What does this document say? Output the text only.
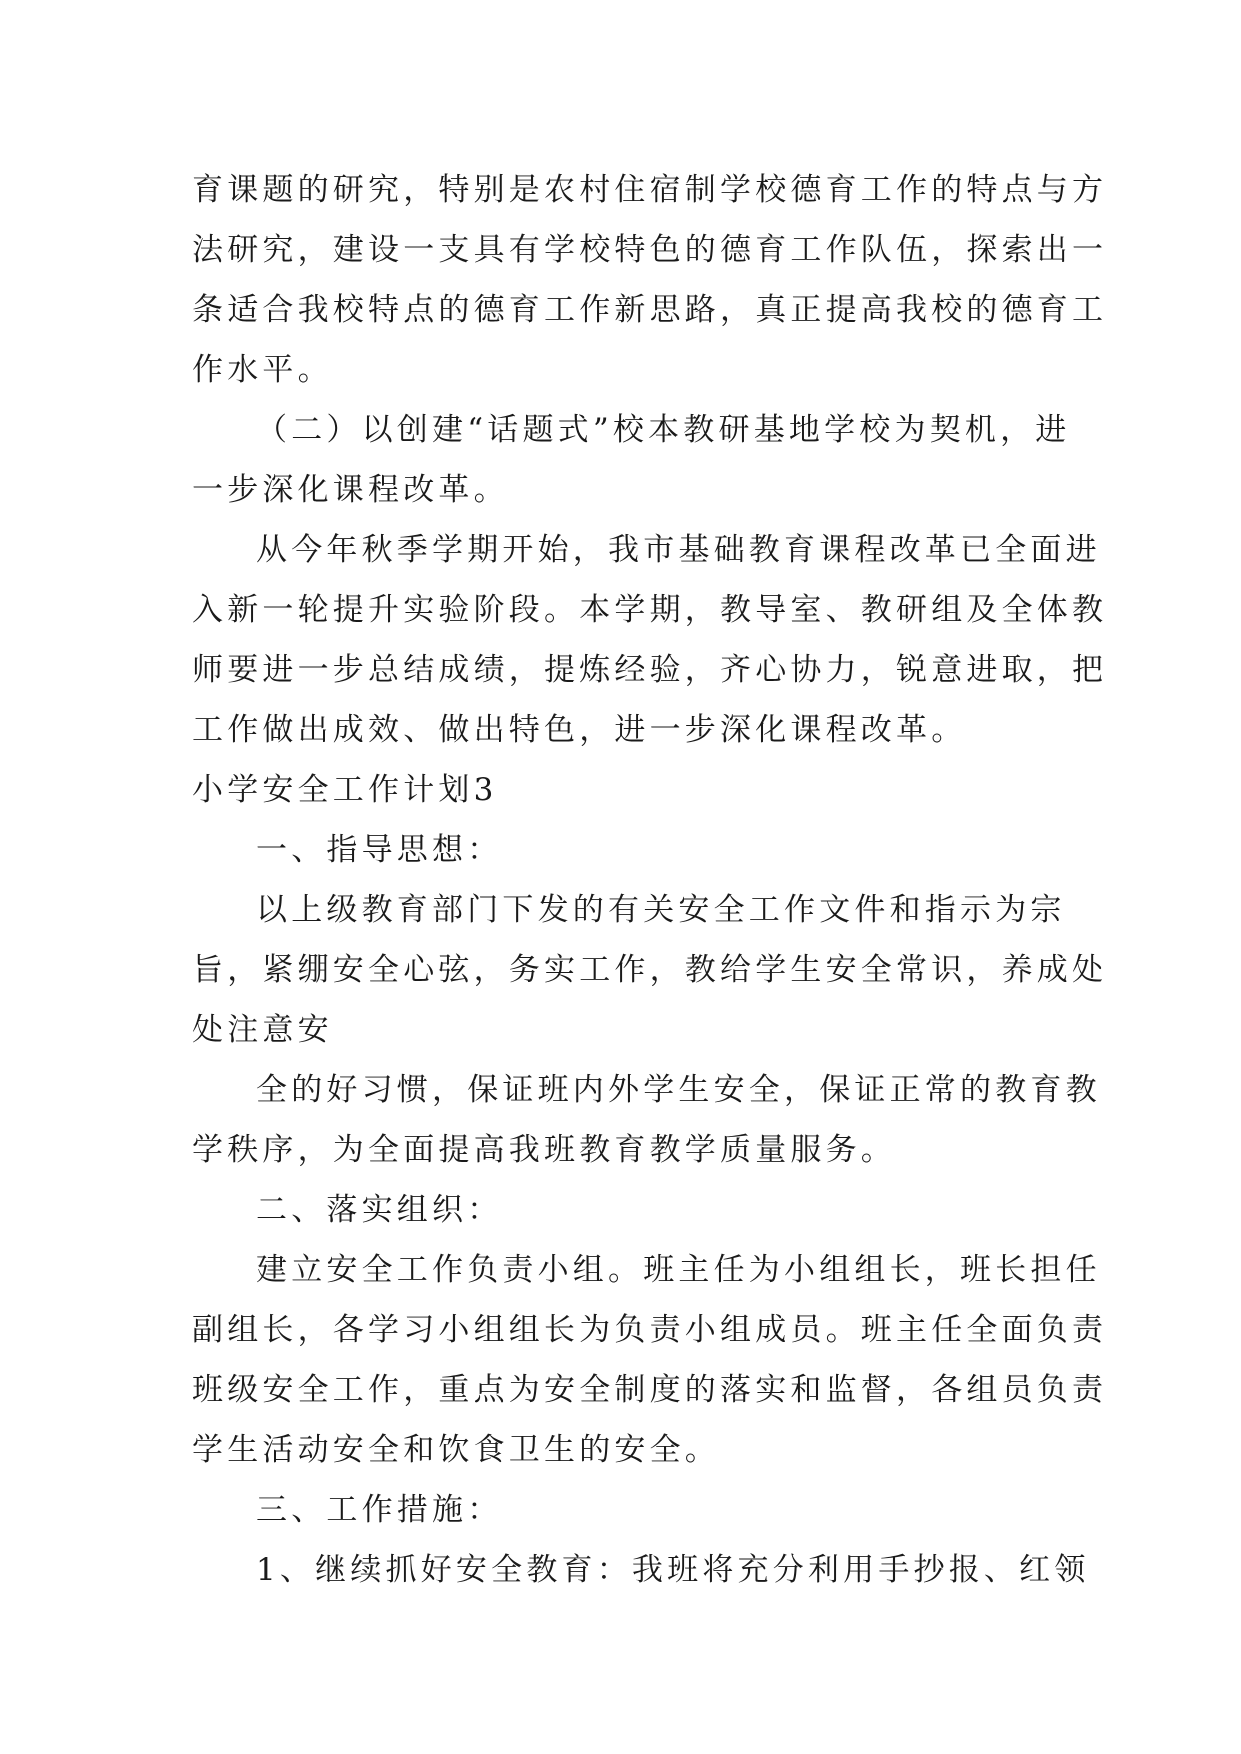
育课题的研究，特别是农村住宿制学校德育工作的特点与方
法研究，建设一支具有学校特色的德育工作队伍，探索出一
条适合我校特点的德育工作新思路，真正提高我校的德育工
作水平。
（二）以创建“话题式”校本教研基地学校为契机，进
一步深化课程改革。
从今年秋季学期开始，我市基础教育课程改革已全面进
入新一轮提升实验阶段。本学期，教导室、教研组及全体教
师要进一步总结成绩，提炼经验，齐心协力，锐意进取，把
工作做出成效、做出特色，进一步深化课程改革。
小学安全工作计划3
一、指导思想：
以上级教育部门下发的有关安全工作文件和指示为宗
旨，紧绷安全心弦，务实工作，教给学生安全常识，养成处
处注意安
全的好习惯，保证班内外学生安全，保证正常的教育教
学秩序，为全面提高我班教育教学质量服务。
二、落实组织：
建立安全工作负责小组。班主任为小组组长，班长担任
副组长，各学习小组组长为负责小组成员。班主任全面负责
班级安全工作，重点为安全制度的落实和监督，各组员负责
学生活动安全和饮食卫生的安全。
三、工作措施：
1、继续抓好安全教育：我班将充分利用手抄报、红领
